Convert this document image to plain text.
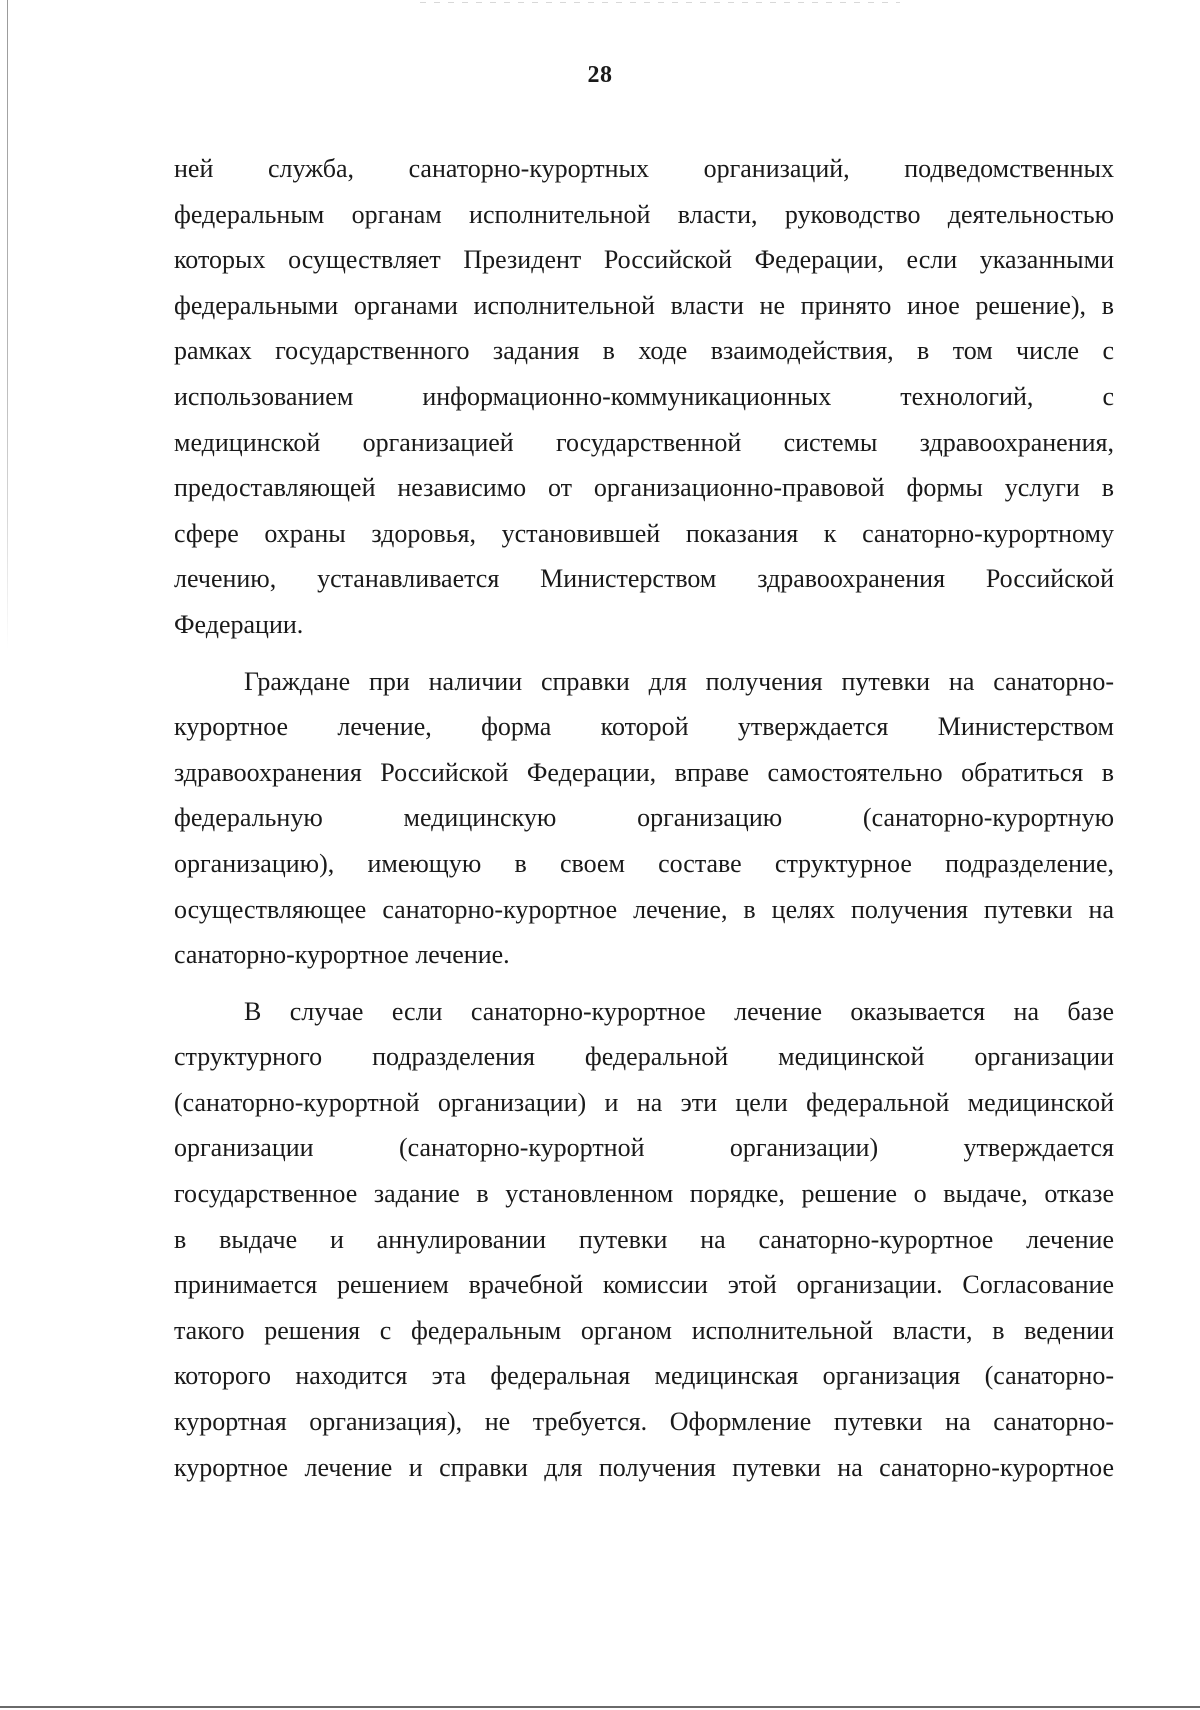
28
ней служба, санаторно-курортных организаций, подведомственных
федеральным органам исполнительной власти, руководство деятельностью
которых осуществляет Президент Российской Федерации, если указанными
федеральными органами исполнительной власти не принято иное решение), в
рамках государственного задания в ходе взаимодействия, в том числе с
использованием информационно-коммуникационных технологий, с
медицинской организацией государственной системы здравоохранения,
предоставляющей независимо от организационно-правовой формы услуги в
сфере охраны здоровья, установившей показания к санаторно-курортному
лечению, устанавливается Министерством здравоохранения Российской
Федерации.
Граждане при наличии справки для получения путевки на санаторно-
курортное лечение, форма которой утверждается Министерством
здравоохранения Российской Федерации, вправе самостоятельно обратиться в
федеральную медицинскую организацию (санаторно-курортную
организацию), имеющую в своем составе структурное подразделение,
осуществляющее санаторно-курортное лечение, в целях получения путевки на
санаторно-курортное лечение.
В случае если санаторно-курортное лечение оказывается на базе
структурного подразделения федеральной медицинской организации
(санаторно-курортной организации) и на эти цели федеральной медицинской
организации (санаторно-курортной организации) утверждается
государственное задание в установленном порядке, решение о выдаче, отказе
в выдаче и аннулировании путевки на санаторно-курортное лечение
принимается решением врачебной комиссии этой организации. Согласование
такого решения с федеральным органом исполнительной власти, в ведении
которого находится эта федеральная медицинская организация (санаторно-
курортная организация), не требуется. Оформление путевки на санаторно-
курортное лечение и справки для получения путевки на санаторно-курортное
